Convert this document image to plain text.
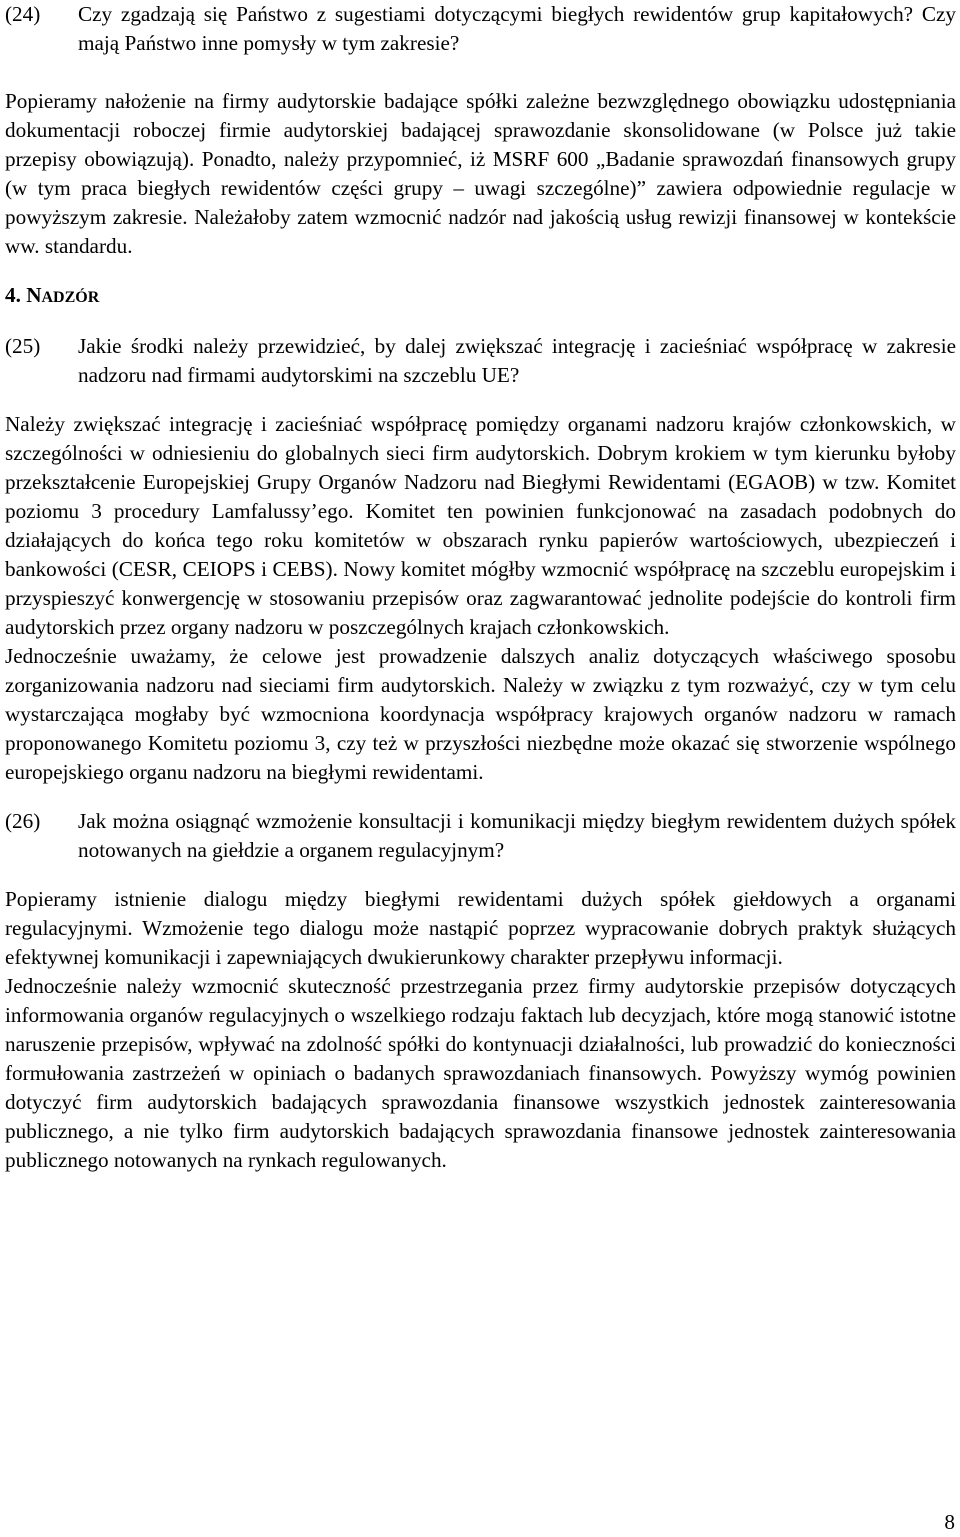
(24)	Czy zgadzają się Państwo z sugestiami dotyczącymi biegłych rewidentów grup kapitałowych? Czy mają Państwo inne pomysły w tym zakresie?

Popieramy nałożenie na firmy audytorskie badające spółki zależne bezwzględnego obowiązku udostępniania dokumentacji roboczej firmie audytorskiej badającej sprawozdanie skonsolidowane (w Polsce już takie przepisy obowiązują). Ponadto, należy przypomnieć, iż MSRF 600 „Badanie sprawozdań finansowych grupy (w tym praca biegłych rewidentów części grupy – uwagi szczególne)” zawiera odpowiednie regulacje w powyższym zakresie. Należałoby zatem wzmocnić nadzór nad jakością usług rewizji finansowej w kontekście ww. standardu.

4. NADZÓR
(25)	Jakie środki należy przewidzieć, by dalej zwiększać integrację i zacieśniać współpracę w zakresie nadzoru nad firmami audytorskimi na szczeblu UE?

Należy zwiększać integrację i zacieśniać współpracę pomiędzy organami nadzoru krajów członkowskich, w szczególności w odniesieniu do globalnych sieci firm audytorskich. Dobrym krokiem w tym kierunku byłoby przekształcenie Europejskiej Grupy Organów Nadzoru nad Biegłymi Rewidentami (EGAOB) w tzw. Komitet poziomu 3 procedury Lamfalussy’ego. Komitet ten powinien funkcjonować na zasadach podobnych do działających do końca tego roku komitetów w obszarach rynku papierów wartościowych, ubezpieczeń i bankowości (CESR, CEIOPS i CEBS). Nowy komitet mógłby wzmocnić współpracę na szczeblu europejskim i przyspieszyć konwergencję w stosowaniu przepisów oraz zagwarantować jednolite podejście do kontroli firm audytorskich przez organy nadzoru w poszczególnych krajach członkowskich.

Jednocześnie uważamy, że celowe jest prowadzenie dalszych analiz dotyczących właściwego sposobu zorganizowania nadzoru nad sieciami firm audytorskich. Należy w związku z tym rozważyć, czy w tym celu wystarczająca mogłaby być wzmocniona koordynacja współpracy krajowych organów nadzoru w ramach proponowanego Komitetu poziomu 3, czy też w przyszłości niezbędne może okazać się stworzenie wspólnego europejskiego organu nadzoru na biegłymi rewidentami.

(26)	Jak można osiągnąć wzmożenie konsultacji i komunikacji między biegłym rewidentem dużych spółek notowanych na giełdzie a organem regulacyjnym?

Popieramy istnienie dialogu między biegłymi rewidentami dużych spółek giełdowych a organami regulacyjnymi. Wzmożenie tego dialogu może nastąpić poprzez wypracowanie dobrych praktyk służących efektywnej komunikacji i zapewniających dwukierunkowy charakter przepływu informacji.

Jednocześnie należy wzmocnić skuteczność przestrzegania przez firmy audytorskie przepisów dotyczących informowania organów regulacyjnych o wszelkiego rodzaju faktach lub decyzjach, które mogą stanowić istotne naruszenie przepisów, wpływać na zdolność spółki do kontynuacji działalności, lub prowadzić do konieczności formułowania zastrzeżeń w opiniach o badanych sprawozdaniach finansowych. Powyższy wymóg powinien dotyczyć firm audytorskich badających sprawozdania finansowe wszystkich jednostek zainteresowania publicznego, a nie tylko firm audytorskich badających sprawozdania finansowe jednostek zainteresowania publicznego notowanych na rynkach regulowanych.

8
